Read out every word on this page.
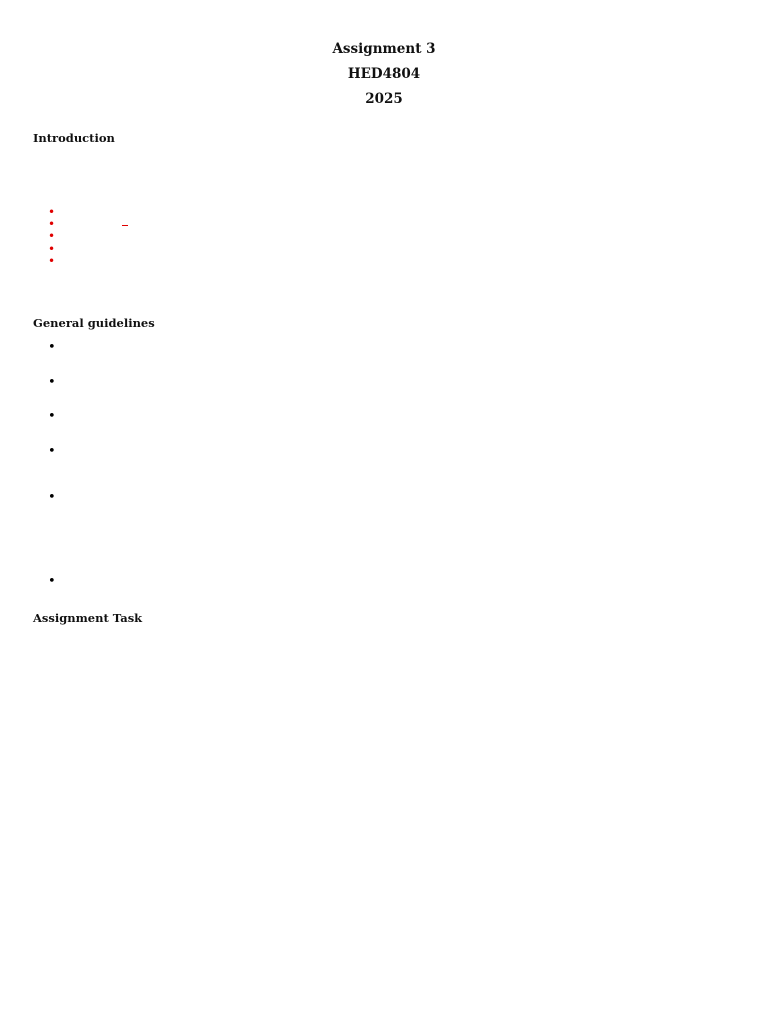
Assignment 3
HED4804
2025
Introduction
•
•
•
•
•
General guidelines
•
•
•
•
•
•
Assignment Task
